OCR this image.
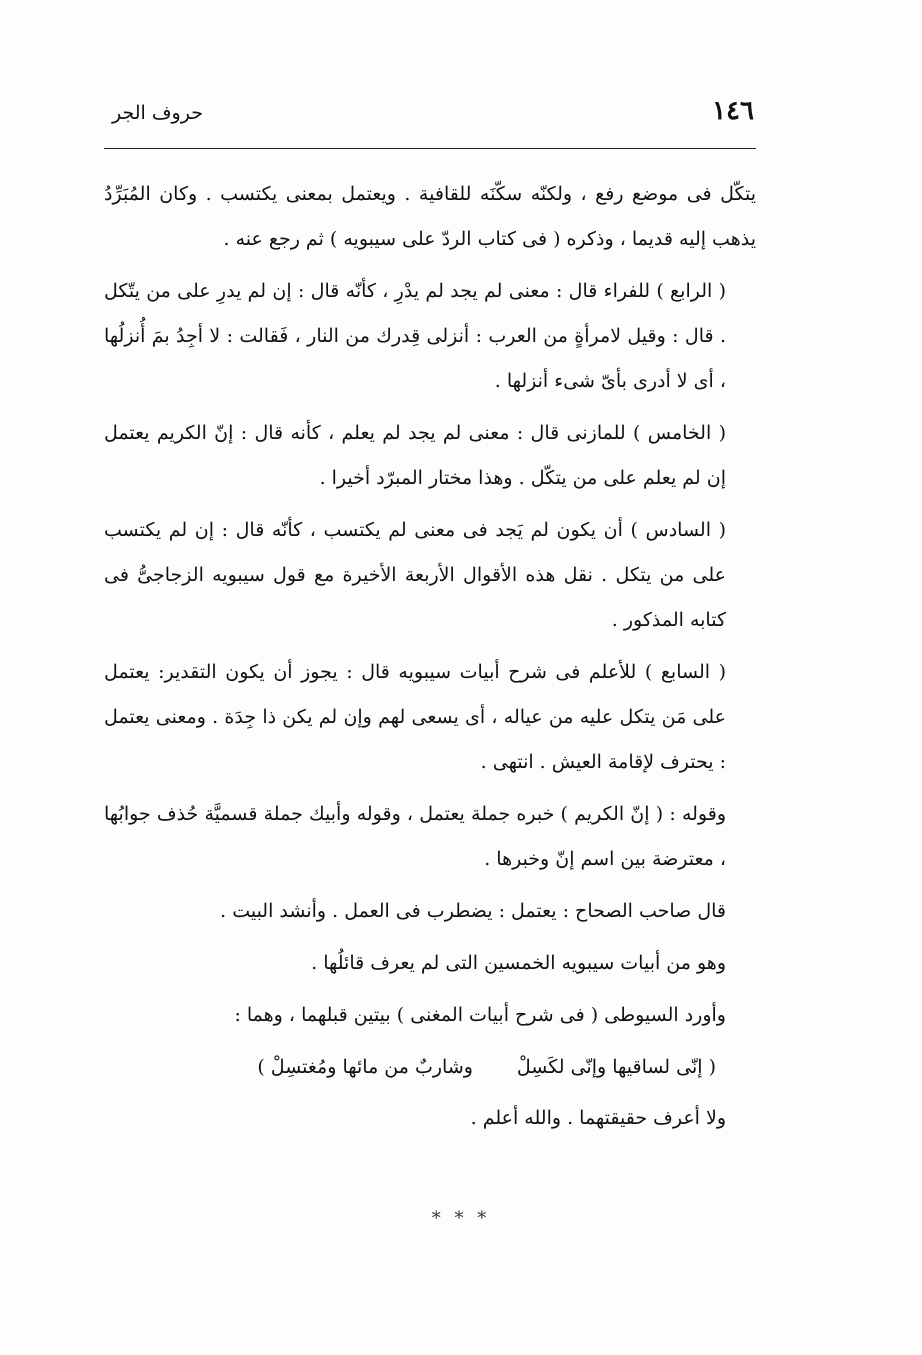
حروف الجر	١٤٦

يتكّل فى موضع رفع ، ولكنّه سكّنَه للقافية . ويعتمل بمعنى يكتسب . وكان المُبَرِّدُ يذهب إليه قديما ، وذكره ( فى كتاب الردّ على سيبويه ) ثم رجع عنه .

( الرابع ) للفراء قال : معنى لم يجد لم يدْرِ ، كأنّه قال : إن لم يدرِ على من يتّكل . قال : وقيل لامرأةٍ من العرب : أنزلى قِدرك من النار ، فَقالت : لا أجِدُ بمَ أُنزلُها ، أى لا أدرى بأىّ شىء أنزلها .

( الخامس ) للمازنى قال : معنى لم يجد لم يعلم ، كأنه قال : إنّ الكريم يعتمل إن لم يعلم على من يتكّل . وهذا مختار المبرّد أخيرا .

( السادس ) أن يكون لم يَجد فى معنى لم يكتسب ، كأنّه قال : إن لم يكتسب على من يتكل . نقل هذه الأقوال الأربعة الأخيرة مع قول سيبويه الزجاجىُّ فى كتابه المذكور .

( السابع ) للأعلم فى شرح أبيات سيبويه قال : يجوز أن يكون التقدير: يعتمل على مَن يتكل عليه من عياله ، أى يسعى لهم وإن لم يكن ذا جِدَة . ومعنى يعتمل : يحترف لإقامة العيش . انتهى .

وقوله : ( إنّ الكريم ) خبره جملة يعتمل ، وقوله وأبيك جملة قسميَّة حُذف جوابُها ، معترضة بين اسم إنّ وخبرها .

قال صاحب الصحاح : يعتمل : يضطرب فى العمل . وأنشد البيت .

وهو من أبيات سيبويه الخمسين التى لم يعرف قائلُها .

وأورد السيوطى ( فى شرح أبيات المغنى ) بيتين قبلهما ، وهما :

( إنّى لساقيها وإنّى لكَسِلْ
وشاربٌ من مائها ومُغتسِلْ )

ولا أعرف حقيقتهما . والله أعلم .

* * *
